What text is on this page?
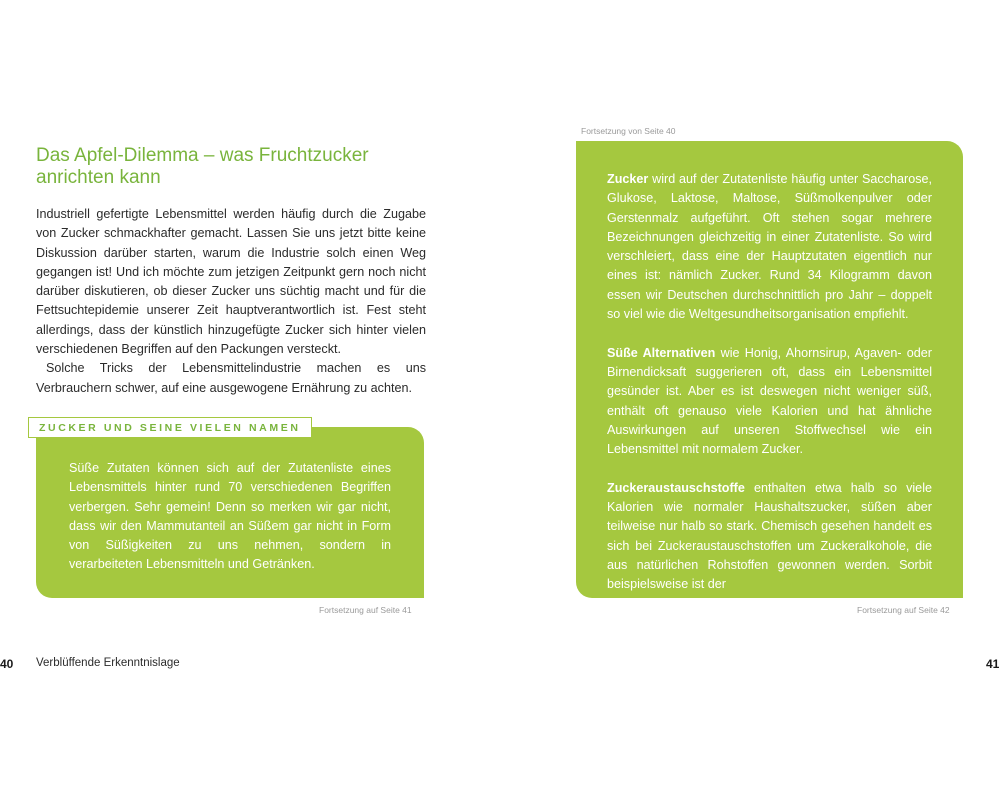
Das Apfel-Dilemma – was Fruchtzucker anrichten kann

Industriell gefertigte Lebensmittel werden häufig durch die Zugabe von Zucker schmackhafter gemacht. Lassen Sie uns jetzt bitte keine Diskussion darüber starten, warum die Industrie solch einen Weg gegangen ist! Und ich möchte zum jetzigen Zeitpunkt gern noch nicht darüber diskutieren, ob dieser Zucker uns süchtig macht und für die Fettsuchtepidemie unserer Zeit hauptverantwortlich ist. Fest steht allerdings, dass der künstlich hinzugefügte Zucker sich hinter vielen verschiedenen Begriffen auf den Packungen versteckt.

Solche Tricks der Lebensmittelindustrie machen es uns Verbrauchern schwer, auf eine ausgewogene Ernährung zu achten.

ZUCKER UND SEINE VIELEN NAMEN
Süße Zutaten können sich auf der Zutatenliste eines Lebensmittels hinter rund 70 verschiedenen Begriffen verbergen. Sehr gemein! Denn so merken wir gar nicht, dass wir den Mammutanteil an Süßem gar nicht in Form von Süßigkeiten zu uns nehmen, sondern in verarbeiteten Lebensmitteln und Getränken.
Fortsetzung auf Seite 41
40 Verblüffende Erkenntnislage
Fortsetzung von Seite 40

Zucker wird auf der Zutatenliste häufig unter Saccharose, Glukose, Laktose, Maltose, Süßmolkenpulver oder Gerstenmalz aufgeführt. Oft stehen sogar mehrere Bezeichnungen gleichzeitig in einer Zutatenliste. So wird verschleiert, dass eine der Hauptzutaten eigentlich nur eines ist: nämlich Zucker. Rund 34 Kilogramm davon essen wir Deutschen durchschnittlich pro Jahr – doppelt so viel wie die Weltgesundheitsorganisation empfiehlt.

Süße Alternativen wie Honig, Ahornsirup, Agaven- oder Birnendicksaft suggerieren oft, dass ein Lebensmittel gesünder ist. Aber es ist deswegen nicht weniger süß, enthält oft genauso viele Kalorien und hat ähnliche Auswirkungen auf unseren Stoffwechsel wie ein Lebensmittel mit normalem Zucker.

Zuckeraustauschstoffe enthalten etwa halb so viele Kalorien wie normaler Haushaltszucker, süßen aber teilweise nur halb so stark. Chemisch gesehen handelt es sich bei Zuckeraustauschstoffen um Zuckeralkohole, die aus natürlichen Rohstoffen gewonnen werden. Sorbit beispielsweise ist der

Fortsetzung auf Seite 42
41
